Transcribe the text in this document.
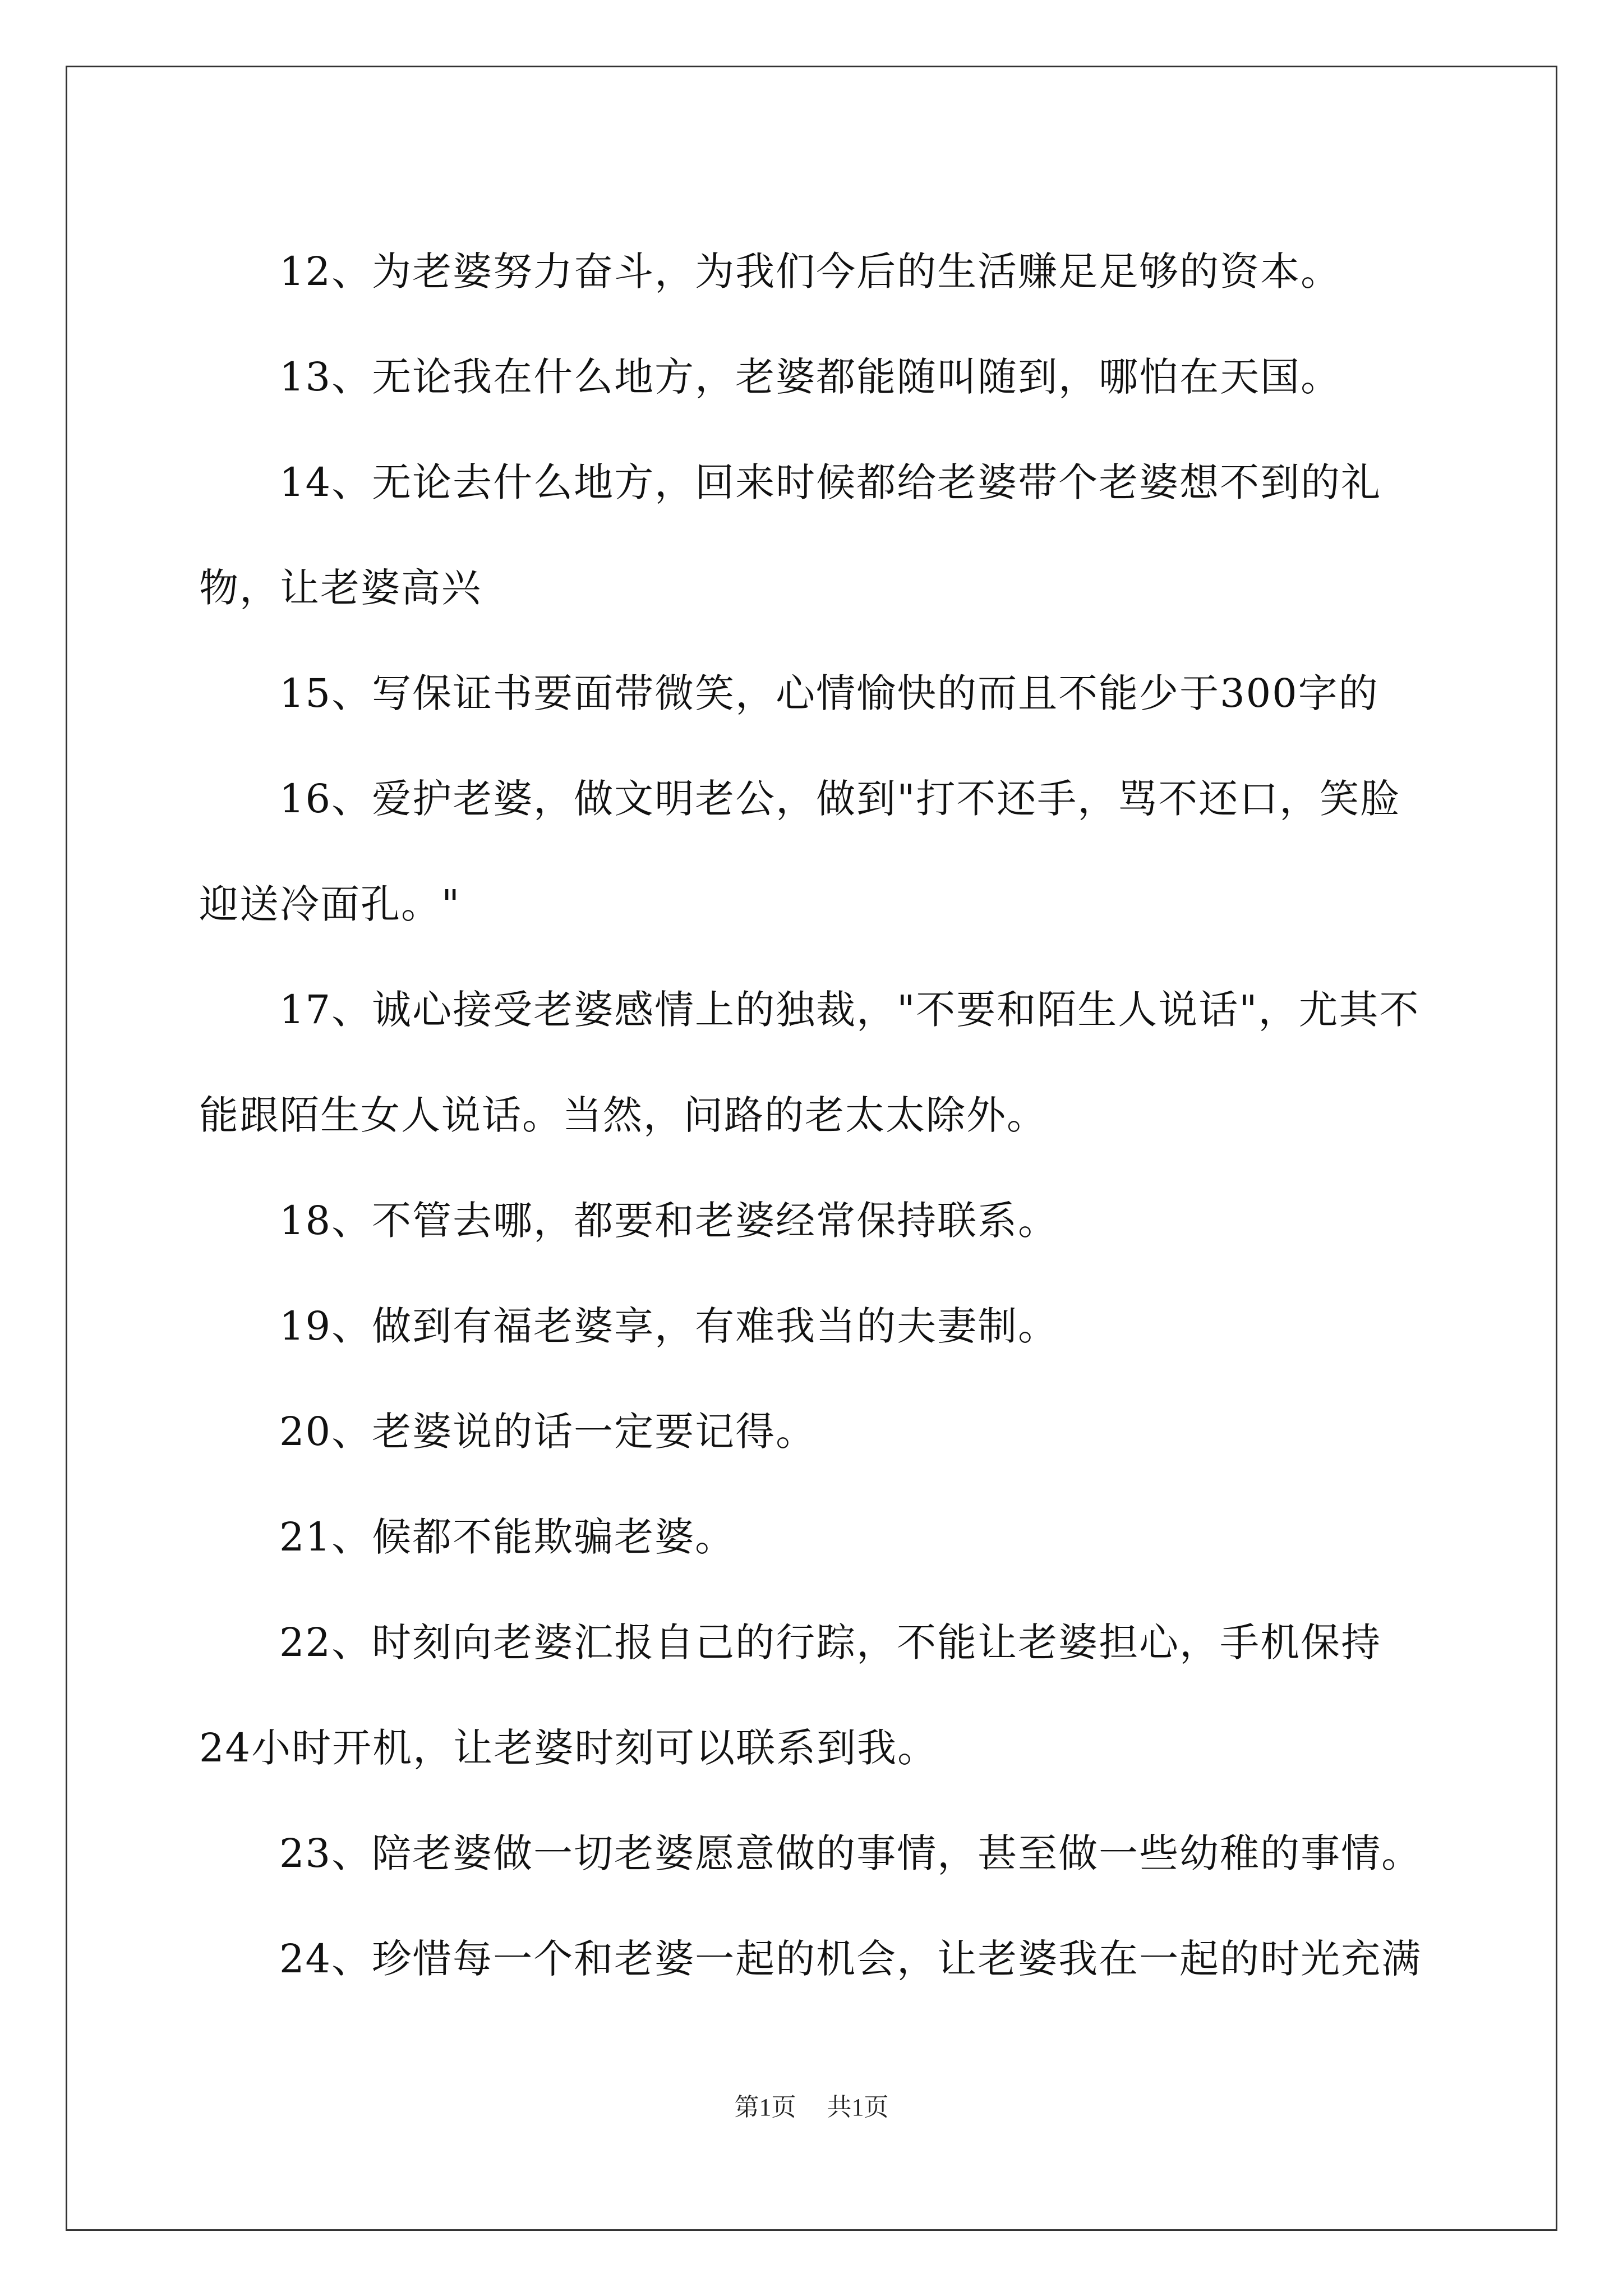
12、为老婆努力奋斗，为我们今后的生活赚足足够的资本。

13、无论我在什么地方，老婆都能随叫随到，哪怕在天国。

14、无论去什么地方，回来时候都给老婆带个老婆想不到的礼物，让老婆高兴

15、写保证书要面带微笑，心情愉快的而且不能少于300字的

16、爱护老婆，做文明老公，做到"打不还手，骂不还口，笑脸迎送冷面孔。"

17、诚心接受老婆感情上的独裁，"不要和陌生人说话"，尤其不能跟陌生女人说话。当然，问路的老太太除外。

18、不管去哪，都要和老婆经常保持联系。

19、做到有福老婆享，有难我当的夫妻制。

20、老婆说的话一定要记得。

21、候都不能欺骗老婆。

22、时刻向老婆汇报自己的行踪，不能让老婆担心，手机保持24小时开机，让老婆时刻可以联系到我。

23、陪老婆做一切老婆愿意做的事情，甚至做一些幼稚的事情。

24、珍惜每一个和老婆一起的机会，让老婆我在一起的时光充满

第1页 共1页
